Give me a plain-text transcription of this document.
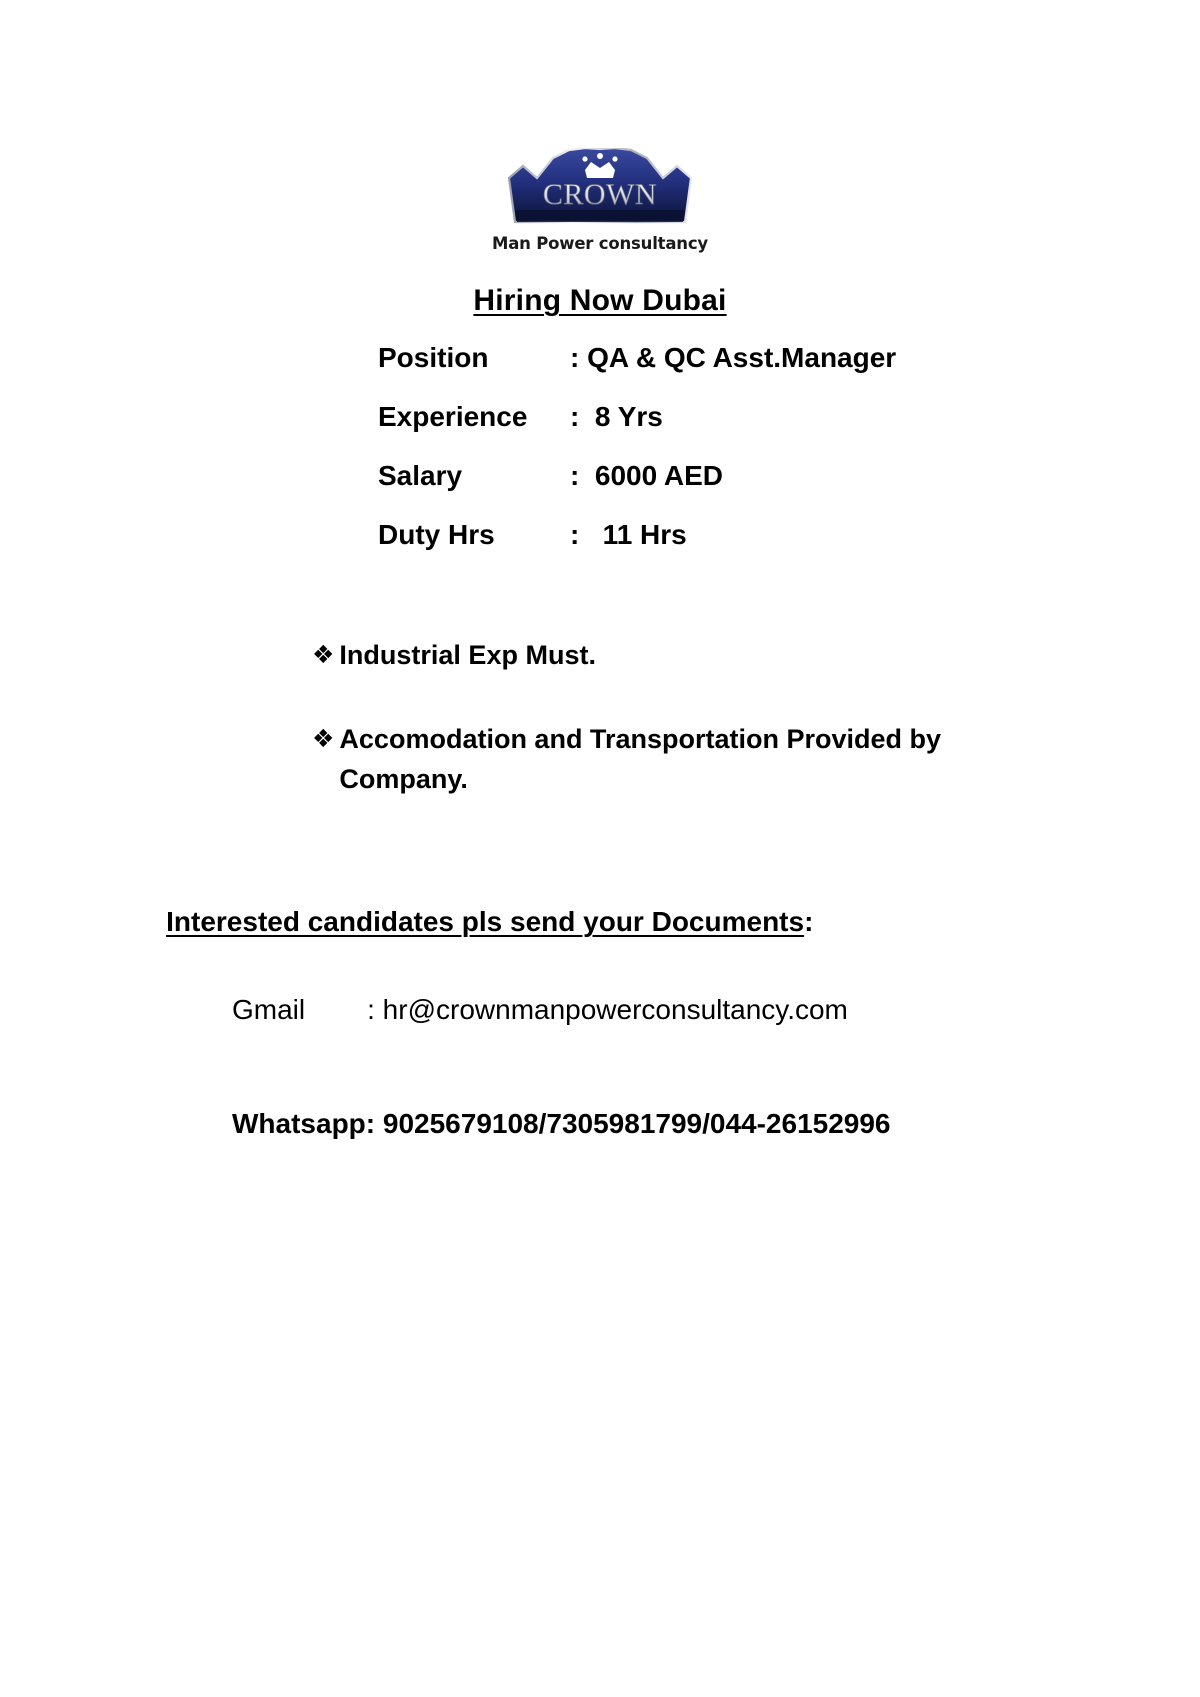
CROWN
Man Power consultancy
Hiring Now Dubai
Position	: QA & QC Asst.Manager
Experience	:  8 Yrs
Salary	:  6000 AED
Duty Hrs	:   11 Hrs
❖ Industrial Exp Must.
❖ Accomodation and Transportation Provided by Company.

Interested candidates pls send your Documents:

Gmail : hr@crownmanpowerconsultancy.com

Whatsapp : 9025679108/7305981799/044-26152996
